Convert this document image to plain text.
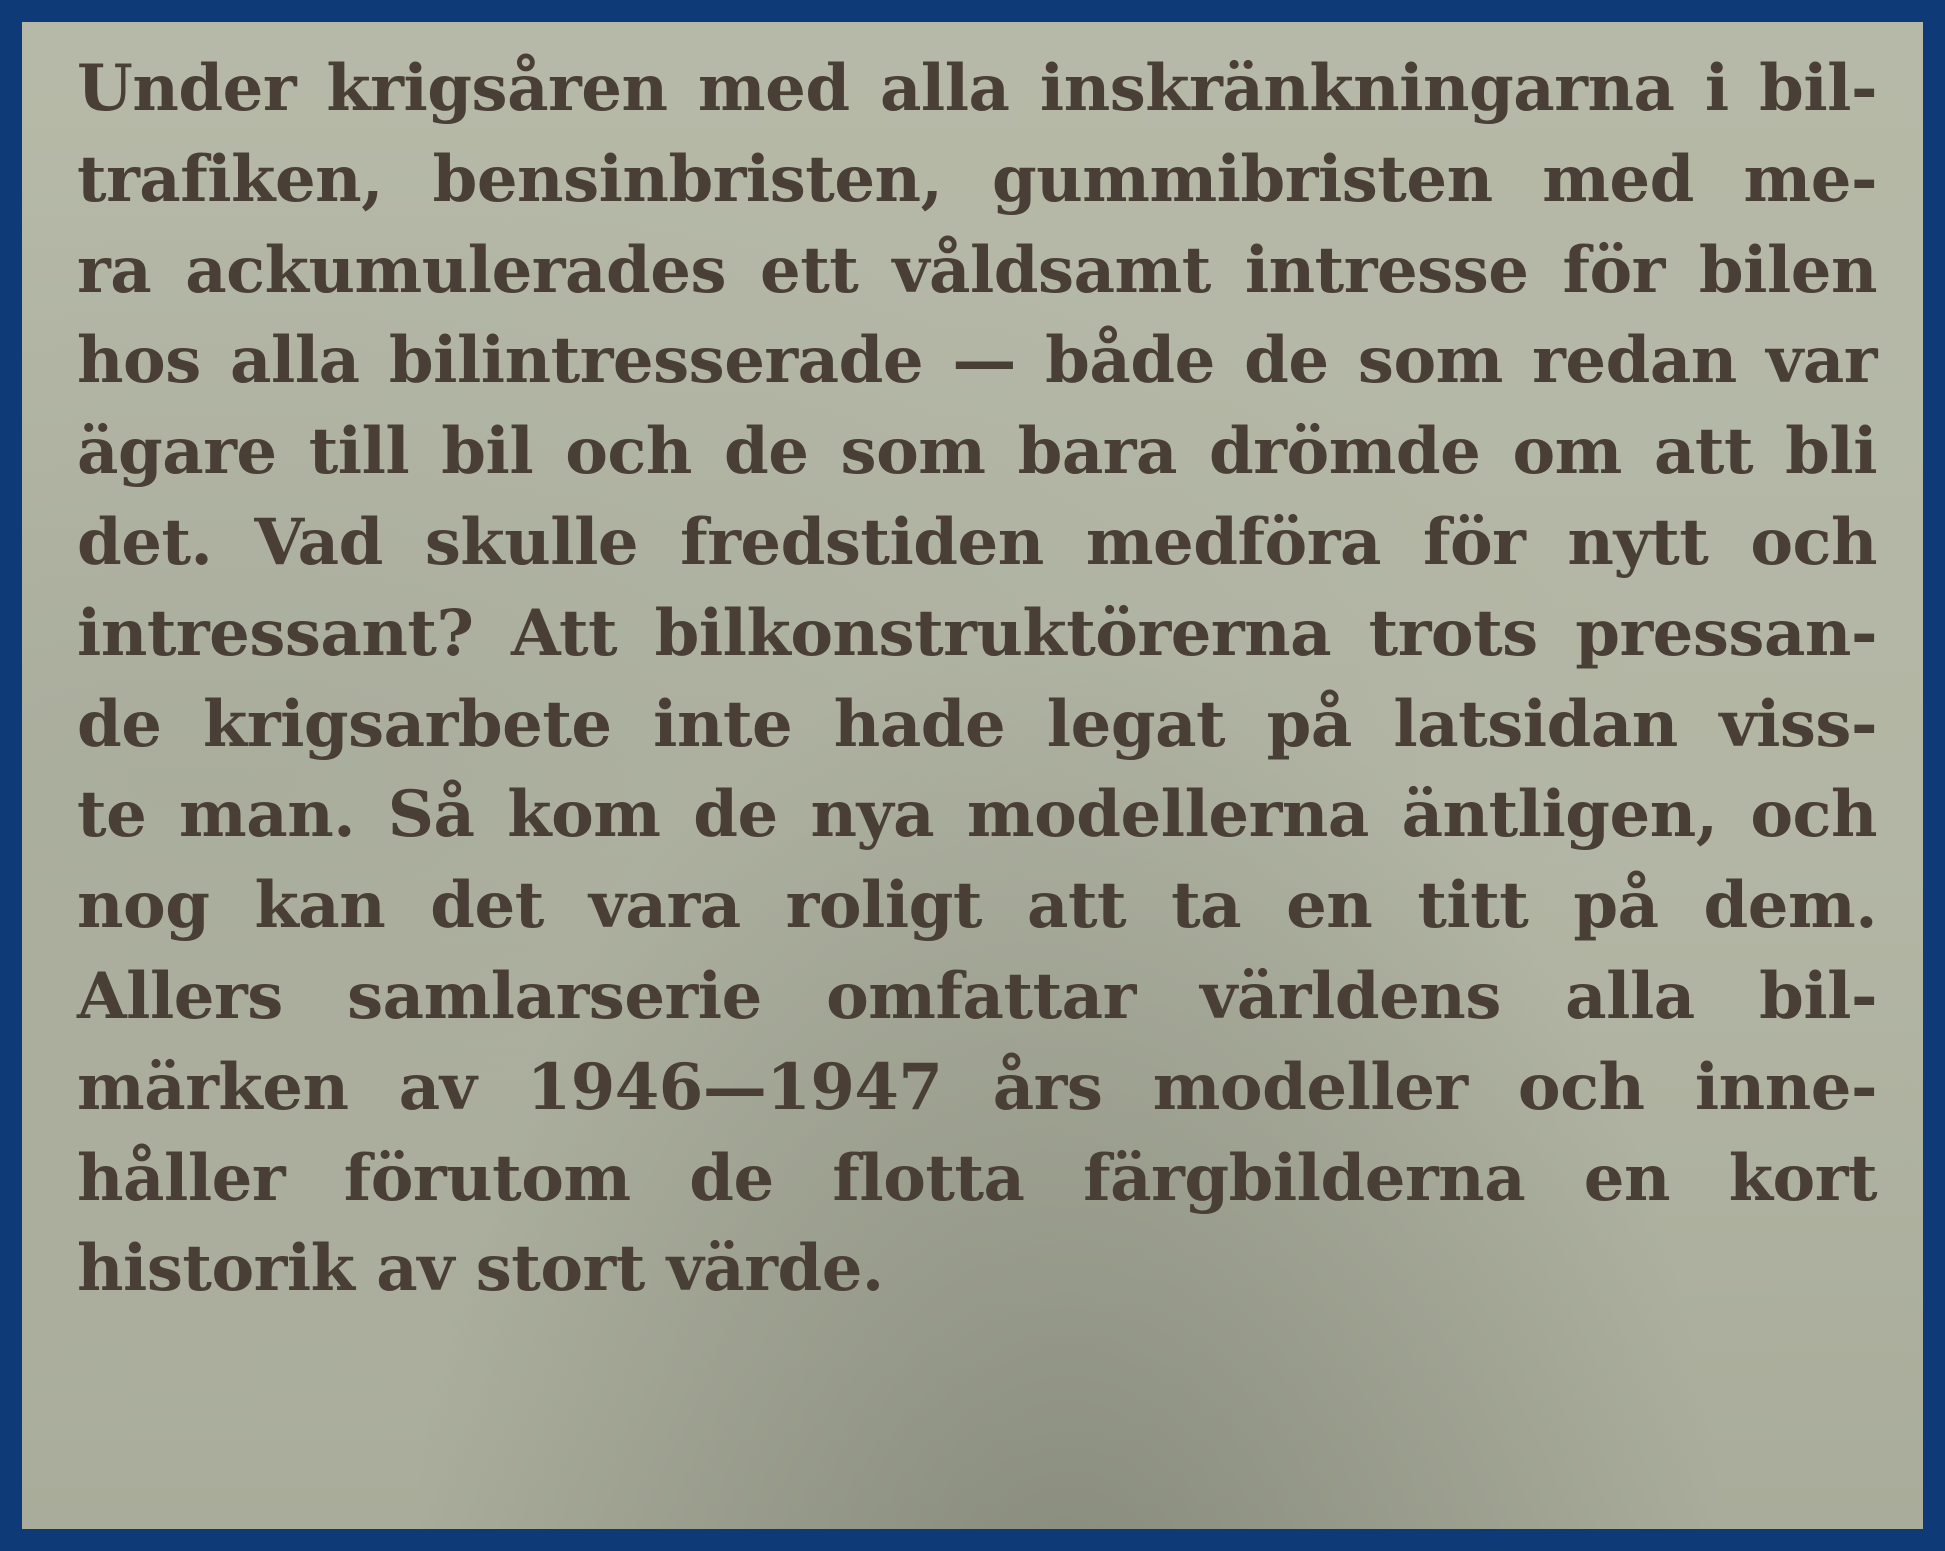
Under krigsåren med alla inskränkningarna i bil-
trafiken, bensinbristen, gummibristen med me-
ra ackumulerades ett våldsamt intresse för bilen
hos alla bilintresserade — både de som redan var
ägare till bil och de som bara drömde om att bli
det. Vad skulle fredstiden medföra för nytt och
intressant? Att bilkonstruktörerna trots pressan-
de krigsarbete inte hade legat på latsidan viss-
te man. Så kom de nya modellerna äntligen, och
nog kan det vara roligt att ta en titt på dem.
Allers samlarserie omfattar världens alla bil-
märken av 1946—1947 års modeller och inne-
håller förutom de flotta färgbilderna en kort
historik av stort värde.
